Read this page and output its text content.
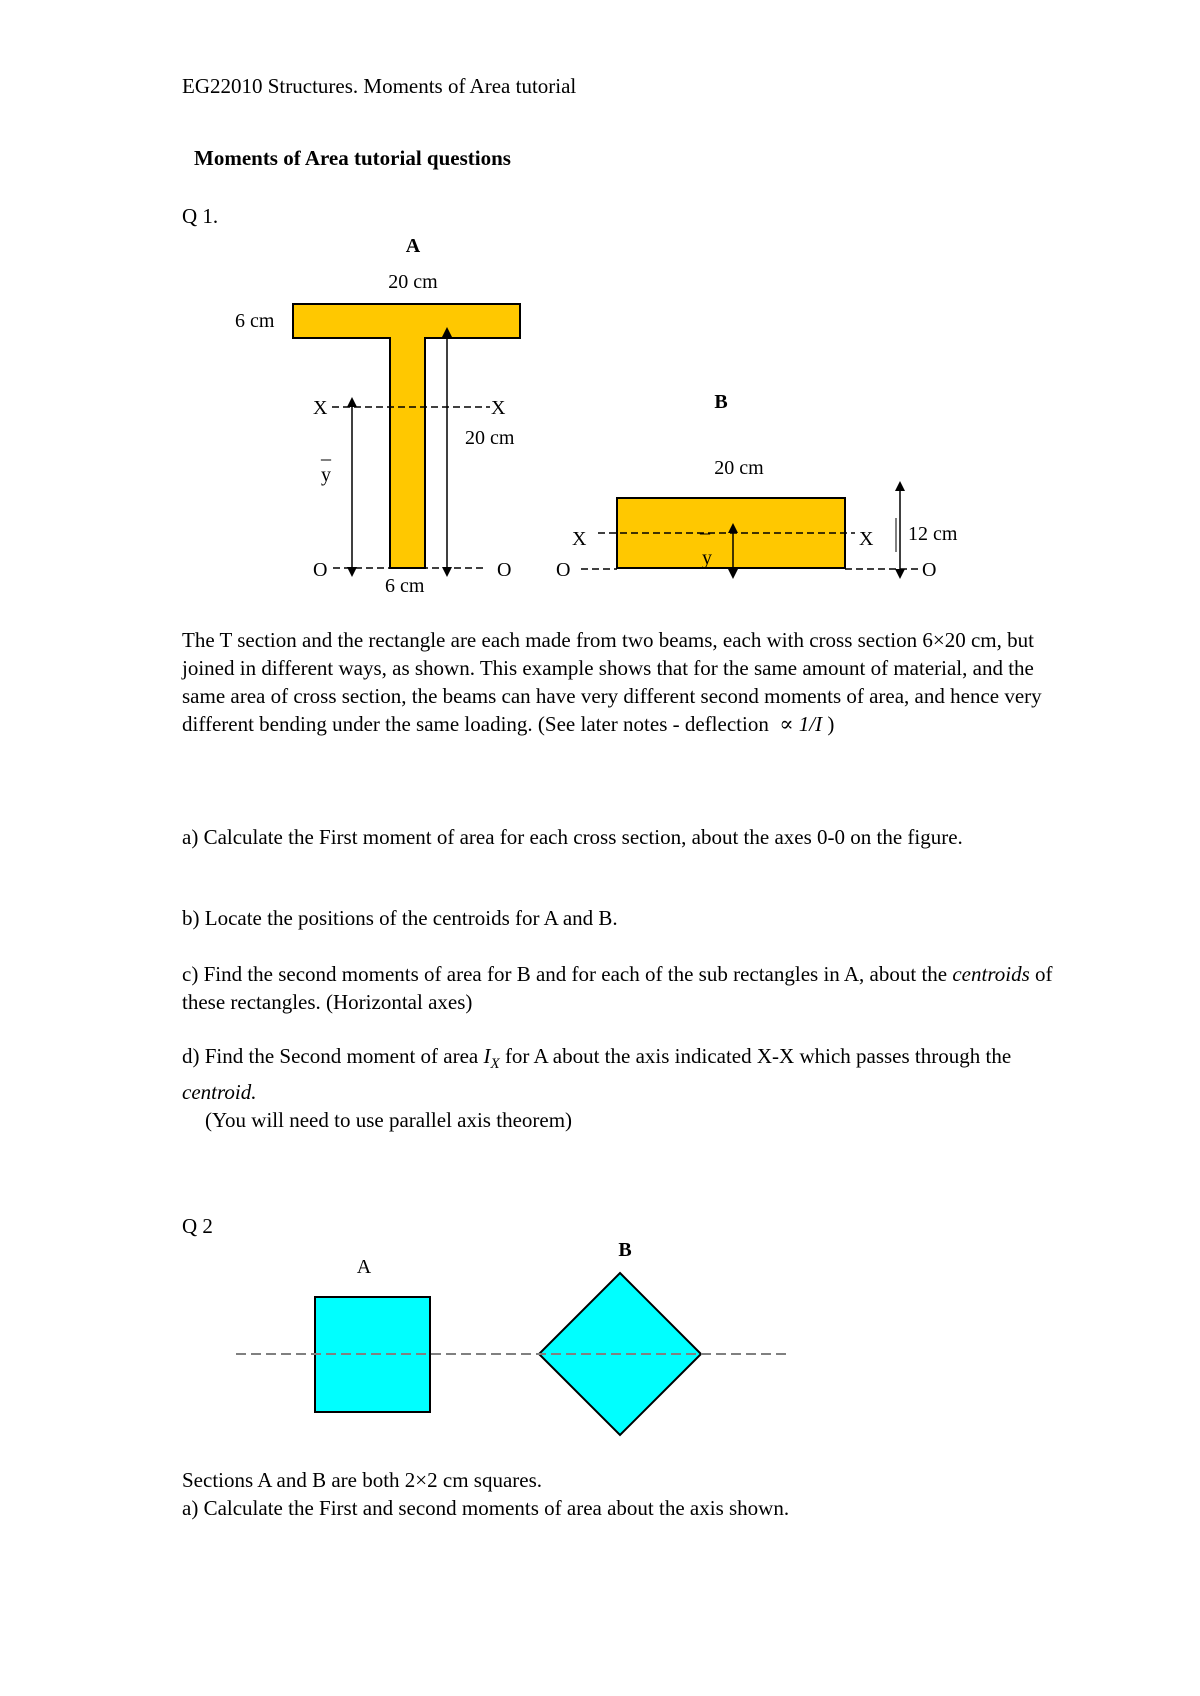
EG22010 Structures. Moments of Area tutorial
Moments of Area tutorial questions
Q 1.
A
20 cm
6 cm
X	X
O	O
6 cm
_
y
20 cm
B
20 cm
X	X
O	O
_
y
12 cm

The T section and the rectangle are each made from two beams, each with cross section 6×20 cm, but joined in different ways, as shown. This example shows that for the same amount of material, and the same area of cross section, the beams can have very different second moments of area, and hence very different bending under the same loading. (See later notes - deflection ∝ 1/I )

a) Calculate the First moment of area for each cross section, about the axes 0-0 on the figure.

b) Locate the positions of the centroids for A and B.

c) Find the second moments of area for B and for each of the sub rectangles in A, about the centroids of these rectangles. (Horizontal axes)

d) Find the Second moment of area $I_X$ for A about the axis indicated X-X which passes through the centroid.

(You will need to use parallel axis theorem)

Q 2
A
B

Sections A and B are both 2×2 cm squares.

a) Calculate the First and second moments of area about the axis shown.
